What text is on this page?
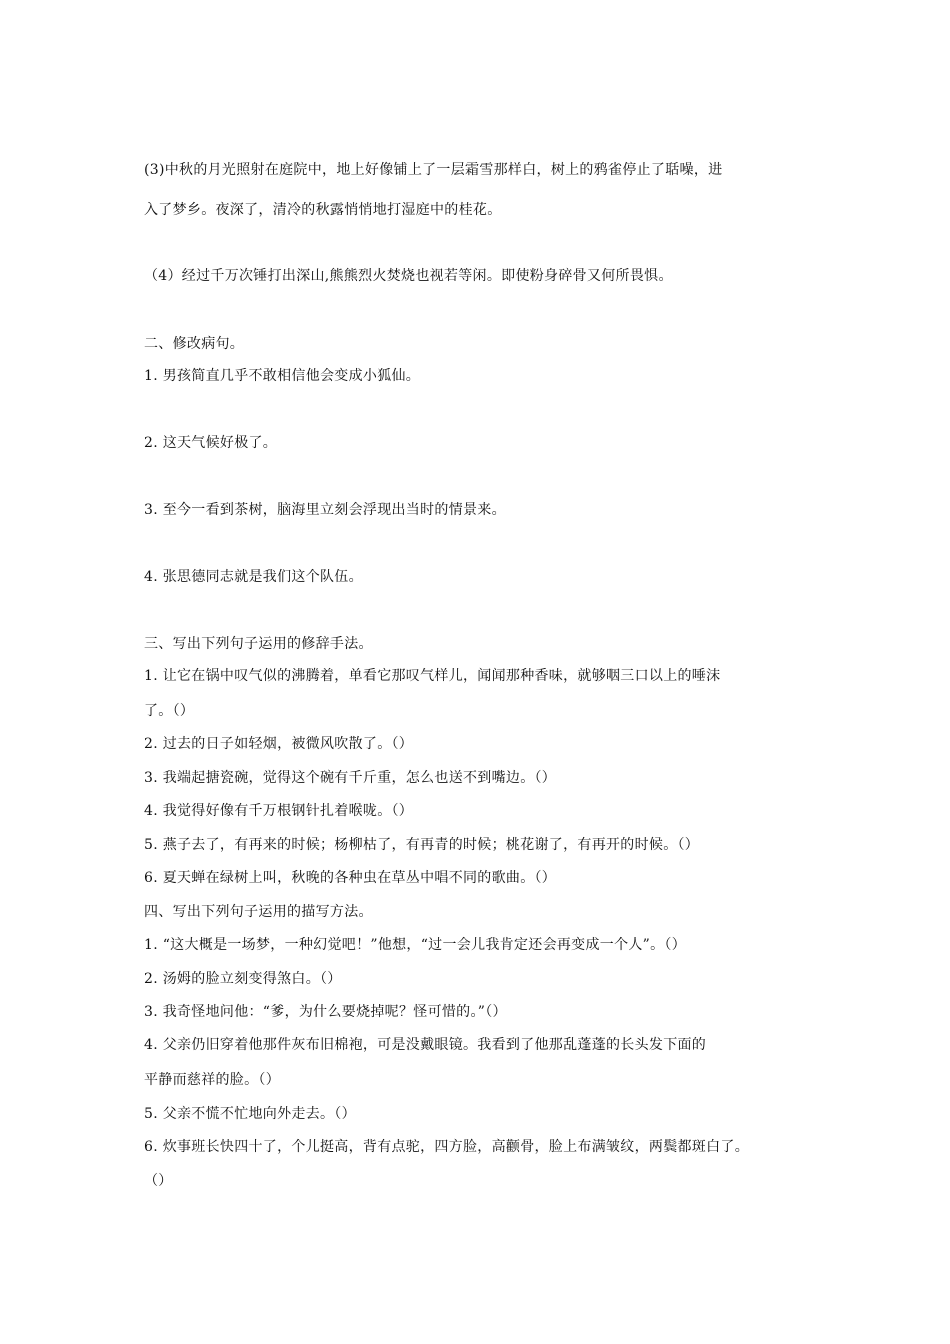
(3)中秋的月光照射在庭院中，地上好像铺上了一层霜雪那样白，树上的鸦雀停止了聒噪，进
入了梦乡。夜深了，清冷的秋露悄悄地打湿庭中的桂花。
（4）经过千万次锤打出深山,熊熊烈火焚烧也视若等闲。即使粉身碎骨又何所畏惧。
二、修改病句。
1. 男孩简直几乎不敢相信他会变成小狐仙。
2. 这天气候好极了。
3. 至今一看到茶树，脑海里立刻会浮现出当时的情景来。
4. 张思德同志就是我们这个队伍。
三、写出下列句子运用的修辞手法。
1. 让它在锅中叹气似的沸腾着，单看它那叹气样儿，闻闻那种香味，就够咽三口以上的唾沫
了。（）
2. 过去的日子如轻烟，被微风吹散了。（）
3. 我端起搪瓷碗，觉得这个碗有千斤重，怎么也送不到嘴边。（）
4. 我觉得好像有千万根钢针扎着喉咙。（）
5. 燕子去了，有再来的时候；杨柳枯了，有再青的时候；桃花谢了，有再开的时候。（）
6. 夏天蝉在绿树上叫，秋晚的各种虫在草丛中唱不同的歌曲。（）
四、写出下列句子运用的描写方法。
1. “这大概是一场梦，一种幻觉吧！”他想，“过一会儿我肯定还会再变成一个人”。（）
2. 汤姆的脸立刻变得煞白。（）
3. 我奇怪地问他：“爹，为什么要烧掉呢？怪可惜的。”（）
4. 父亲仍旧穿着他那件灰布旧棉袍，可是没戴眼镜。我看到了他那乱蓬蓬的长头发下面的
平静而慈祥的脸。（）
5. 父亲不慌不忙地向外走去。（）
6. 炊事班长快四十了，个儿挺高，背有点驼，四方脸，高颧骨，脸上布满皱纹，两鬓都斑白了。
（）
